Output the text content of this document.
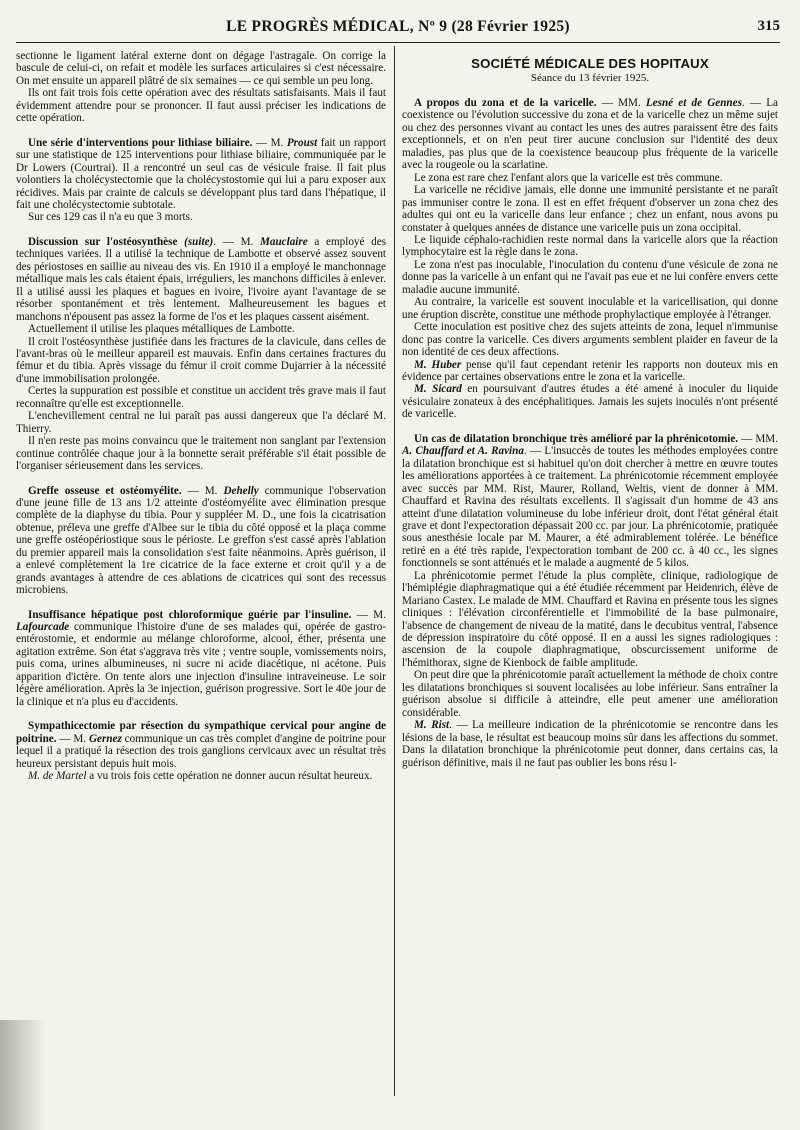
LE PROGRÈS MÉDICAL, Nº 9 (28 Février 1925)	315

sectionne le ligament latéral externe dont on dégage l'astragale. On corrige la bascule de celui-ci, on refait et modèle les surfaces articulaires si c'est nécessaire. On met ensuite un appareil plâtré de six semaines — ce qui semble un peu long.

Ils ont fait trois fois cette opération avec des résultats satisfaisants. Mais il faut évidemment attendre pour se prononcer. Il faut aussi préciser les indications de cette opération.

Une série d'interventions pour lithiase biliaire. — M. Proust fait un rapport sur une statistique de 125 interventions pour lithiase biliaire, communiquée par le Dr Lowers (Courtrai). Il a rencontré un seul cas de vésicule fraise. Il fait plus volontiers la cholécystectomie que la cholécystostomie qui lui a paru exposer aux récidives. Mais par crainte de calculs se développant plus tard dans l'hépatique, il fait une cholécystectomie subtotale.

Sur ces 129 cas il n'a eu que 3 morts.

Discussion sur l'ostéosynthèse (suite). — M. Mauclaire a employé des techniques variées. Il a utilisé la technique de Lambotte et observé assez souvent des périostoses en saillie au niveau des vis. En 1910 il a employé le manchonnage métallique mais les cals étaient épais, irréguliers, les manchons difficiles à enlever. Il a utilisé aussi les plaques et bagues en ivoire, l'ivoire ayant l'avantage de se résorber spontanément et très lentement. Malheureusement les bagues et manchons n'épousent pas assez la forme de l'os et les plaques cassent aisément.

Actuellement il utilise les plaques métalliques de Lambotte.

Il croit l'ostéosynthèse justifiée dans les fractures de la clavicule, dans celles de l'avant-bras où le meilleur appareil est mauvais. Enfin dans certaines fractures du fémur et du tibia. Après vissage du fémur il croit comme Dujarrier à la nécessité d'une immobilisation prolongée.

Certes la suppuration est possible et constitue un accident très grave mais il faut reconnaître qu'elle est exceptionnelle.

L'enchevillement central ne lui paraît pas aussi dangereux que l'a déclaré M. Thierry.

Il n'en reste pas moins convaincu que le traitement non sanglant par l'extension continue contrôlée chaque jour à la bonnette serait préférable s'il était possible de l'organiser sérieusement dans les services.

Greffe osseuse et ostéomyélite. — M. Dehelly communique l'observation d'une jeune fille de 13 ans 1/2 atteinte d'ostéomyélite avec élimination presque complète de la diaphyse du tibia. Pour y suppléer M. D., une fois la cicatrisation obtenue, préleva une greffe d'Albee sur le tibia du côté opposé et la plaça comme une greffe ostéopériostique sous le périoste. Le greffon s'est cassé après l'ablation du premier appareil mais la consolidation s'est faite néanmoins. Après guérison, il a enlevé complètement la 1re cicatrice de la face externe et croit qu'il y a de grands avantages à attendre de ces ablations de cicatrices qui sont des recessus microbiens.

Insuffisance hépatique post chloroformique guérie par l'insuline. — M. Lafourcade communique l'histoire d'une de ses malades qui, opérée de gastro-entérostomie, et endormie au mélange chloroforme, alcool, éther, présenta une agitation extrême. Son état s'aggrava très vite ; ventre souple, vomissements noirs, puis coma, urines albumineuses, ni sucre ni acide diacétique, ni acétone. Puis apparition d'ictère. On tente alors une injection d'insuline intraveineuse. Le soir légère amélioration. Après la 3e injection, guérison progressive. Sort le 40e jour de la clinique et n'a plus eu d'accidents.

Sympathicectomie par résection du sympathique cervical pour angine de poitrine. — M. Gernez communique un cas très complet d'angine de poitrine pour lequel il a pratiqué la résection des trois ganglions cervicaux avec un résultat très heureux persistant depuis huit mois.

M. de Martel a vu trois fois cette opération ne donner aucun résultat heureux.

SOCIÉTÉ MÉDICALE DES HOPITAUX
Séance du 13 février 1925.

A propos du zona et de la varicelle. — MM. Lesné et de Gennes. — La coexistence ou l'évolution successive du zona et de la varicelle chez un même sujet ou chez des personnes vivant au contact les unes des autres paraissent être des faits exceptionnels, et on n'en peut tirer aucune conclusion sur l'identité des deux maladies, pas plus que de la coexistence beaucoup plus fréquente de la varicelle avec la rougeole ou la scarlatine.

Le zona est rare chez l'enfant alors que la varicelle est très commune.

La varicelle ne récidive jamais, elle donne une immunité persistante et ne paraît pas immuniser contre le zona. Il est en effet fréquent d'observer un zona chez des adultes qui ont eu la varicelle dans leur enfance ; chez un enfant, nous avons pu constater à quelques années de distance une varicelle puis un zona occipital.

Le liquide céphalo-rachidien reste normal dans la varicelle alors que la réaction lymphocytaire est la règle dans le zona.

Le zona n'est pas inoculable, l'inoculation du contenu d'une vésicule de zona ne donne pas la varicelle à un enfant qui ne l'avait pas eue et ne lui confère envers cette maladie aucune immunité.

Au contraire, la varicelle est souvent inoculable et la varicellisation, qui donne une éruption discrète, constitue une méthode prophylactique employée à l'étranger.

Cette inoculation est positive chez des sujets atteints de zona, lequel n'immunise donc pas contre la varicelle. Ces divers arguments semblent plaider en faveur de la non identité de ces deux affections.

M. Huber pense qu'il faut cependant retenir les rapports non douteux mis en évidence par certaines observations entre le zona et la varicelle.

M. Sicard en poursuivant d'autres études a été amené à inoculer du liquide vésiculaire zonateux à des encéphalitiques. Jamais les sujets inoculés n'ont présenté de varicelle.

Un cas de dilatation bronchique très amélioré par la phrénicotomie. — MM. A. Chauffard et A. Ravina. — L'insuccès de toutes les méthodes employées contre la dilatation bronchique est si habituel qu'on doit chercher à mettre en œuvre toutes les améliorations apportées à ce traitement. La phrénicotomie récemment employée avec succès par MM. Rist, Maurer, Rolland, Weltis, vient de donner à MM. Chauffard et Ravina des résultats excellents. Il s'agissait d'un homme de 43 ans atteint d'une dilatation volumineuse du lobe inférieur droit, dont l'état général était grave et dont l'expectoration dépassait 200 cc. par jour. La phrénicotomie, pratiquée sous anesthésie locale par M. Maurer, a été admirablement tolérée. Le bénéfice retiré en a été très rapide, l'expectoration tombant de 200 cc. à 40 cc., les signes fonctionnels se sont atténués et le malade a augmenté de 5 kilos.

La phrénicotomie permet l'étude la plus complète, clinique, radiologique de l'hémiplégie diaphragmatique qui a été étudiée récemment par Heidenrich, élève de Mariano Castex. Le malade de MM. Chauffard et Ravina en présente tous les signes cliniques : l'élévation circonférentielle et l'immobilité de la base pulmonaire, l'absence de changement de niveau de la matité, dans le decubitus ventral, l'absence de dépression inspiratoire du côté opposé. Il en a aussi les signes radiologiques : ascension de la coupole diaphragmatique, obscurcissement uniforme de l'hémithorax, signe de Kienbock de faible amplitude.

On peut dire que la phrénicotomie paraît actuellement la méthode de choix contre les dilatations bronchiques si souvent localisées au lobe inférieur. Sans entraîner la guérison absolue si difficile à atteindre, elle peut amener une amélioration considérable.

M. Rist. — La meilleure indication de la phrénicotomie se rencontre dans les lésions de la base, le résultat est beaucoup moins sûr dans les affections du sommet. Dans la dilatation bronchique la phrénicotomie peut donner, dans certains cas, la guérison définitive, mais il ne faut pas oublier les bons résu l-
